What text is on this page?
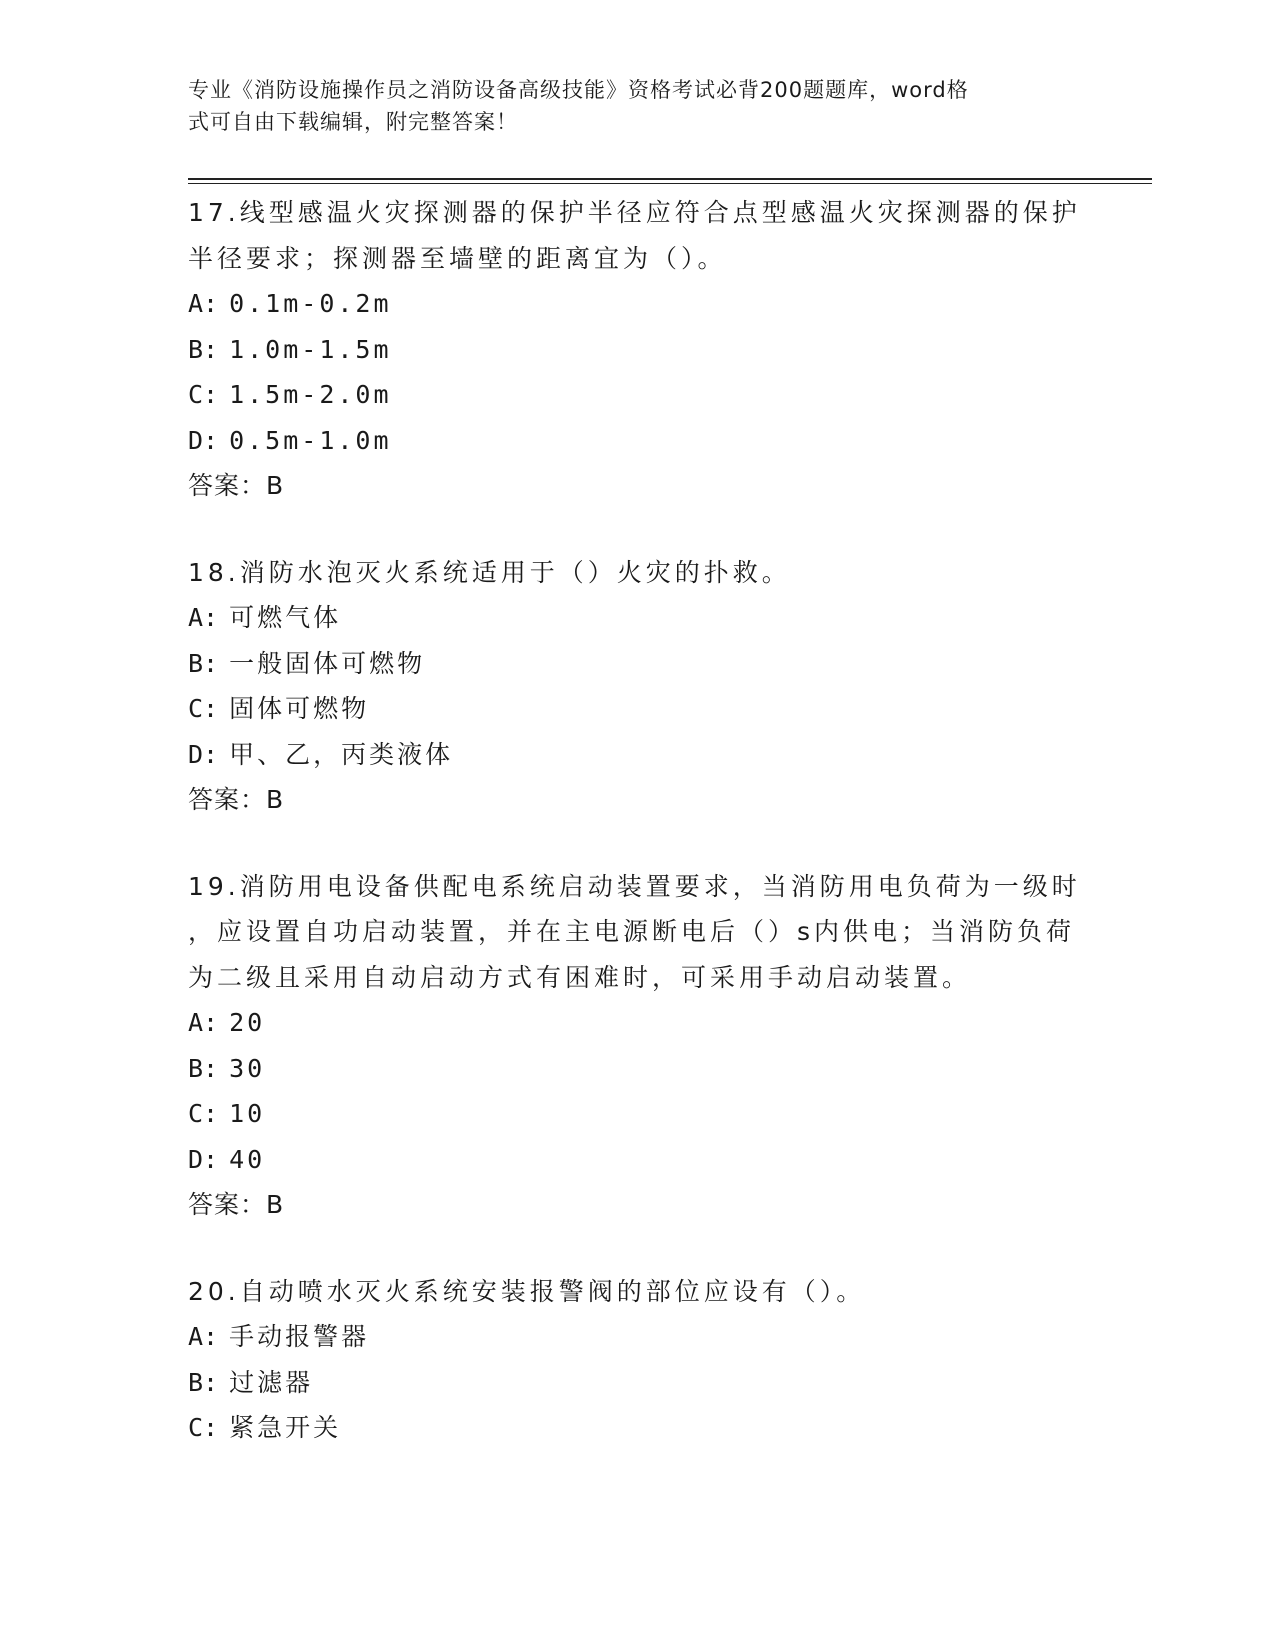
专业《消防设施操作员之消防设备高级技能》资格考试必背200题题库，word格
式可自由下载编辑，附完整答案！

17.线型感温火灾探测器的保护半径应符合点型感温火灾探测器的保护

半径要求；探测器至墙壁的距离宜为（）。

A: 0.1m-0.2m

B: 1.0m-1.5m

C: 1.5m-2.0m

D: 0.5m-1.0m

答案：B

18.消防水泡灭火系统适用于（）火灾的扑救。

A: 可燃气体

B: 一般固体可燃物

C: 固体可燃物

D: 甲、乙，丙类液体

答案：B

19.消防用电设备供配电系统启动装置要求，当消防用电负荷为一级时

，应设置自功启动装置，并在主电源断电后（）s内供电；当消防负荷

为二级且采用自动启动方式有困难时，可采用手动启动装置。

A: 20

B: 30

C: 10

D: 40

答案：B

20.自动喷水灭火系统安装报警阀的部位应设有（）。

A: 手动报警器

B: 过滤器

C: 紧急开关
